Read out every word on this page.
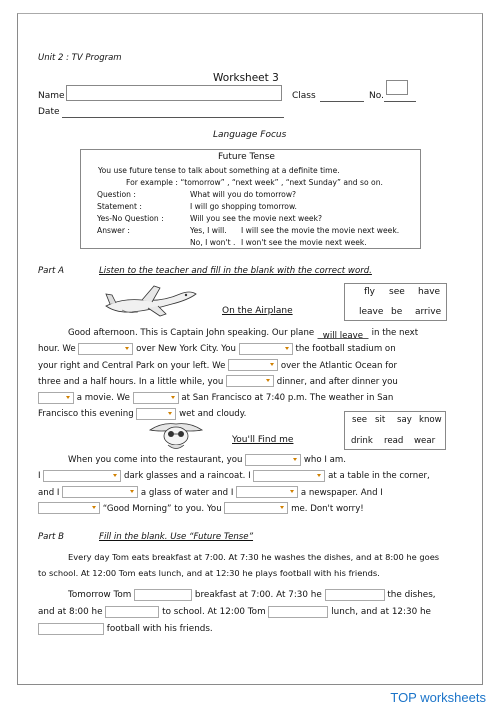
Unit 2 : TV Program
Worksheet 3
Name	Class	No.
Date
Language Focus
Future Tense
You use future tense to talk about something at a definite time.
For example : “tomorrow” , “next week” , “next Sunday” and so on.
Question :	What will you do tomorrow?
Statement :	I will go shopping tomorrow.
Yes-No Question :	Will you see the movie next week?
Answer :	Yes, I will. I will see the movie the movie next week.
No, I won't . I won't see the movie next week.
Part A	Listen to the teacher and fill in the blank with the correct word.
On the Airplane
fly see have
leave be arrive

Good afternoon. This is Captain John speaking. Our plane will leave in the next

hour. We	over New York City. You	the football stadium on

your right and Central Park on your left. We	over the Atlantic Ocean for

three and a half hours. In a little while, you	dinner, and after dinner you

a movie. We	at San Francisco at 7:40 p.m. The weather in San

Francisco this evening	wet and cloudy.

You'll Find me
see sit say know
drink read wear

When you come into the restaurant, you	who I am.

I	dark glasses and a raincoat. I	at a table in the corner,

and I	a glass of water and I	a newspaper. And I

“Good Morning” to you. You	me. Don't worry!

Part B	Fill in the blank. Use “Future Tense”
Every day Tom eats breakfast at 7:00. At 7:30 he washes the dishes, and at 8:00 he goes
to school. At 12:00 Tom eats lunch, and at 12:30 he plays football with his friends.

Tomorrow Tom	breakfast at 7:00. At 7:30 he	the dishes,

and at 8:00 he	to school. At 12:00 Tom	lunch, and at 12:30 he

football with his friends.

TOP worksheets
